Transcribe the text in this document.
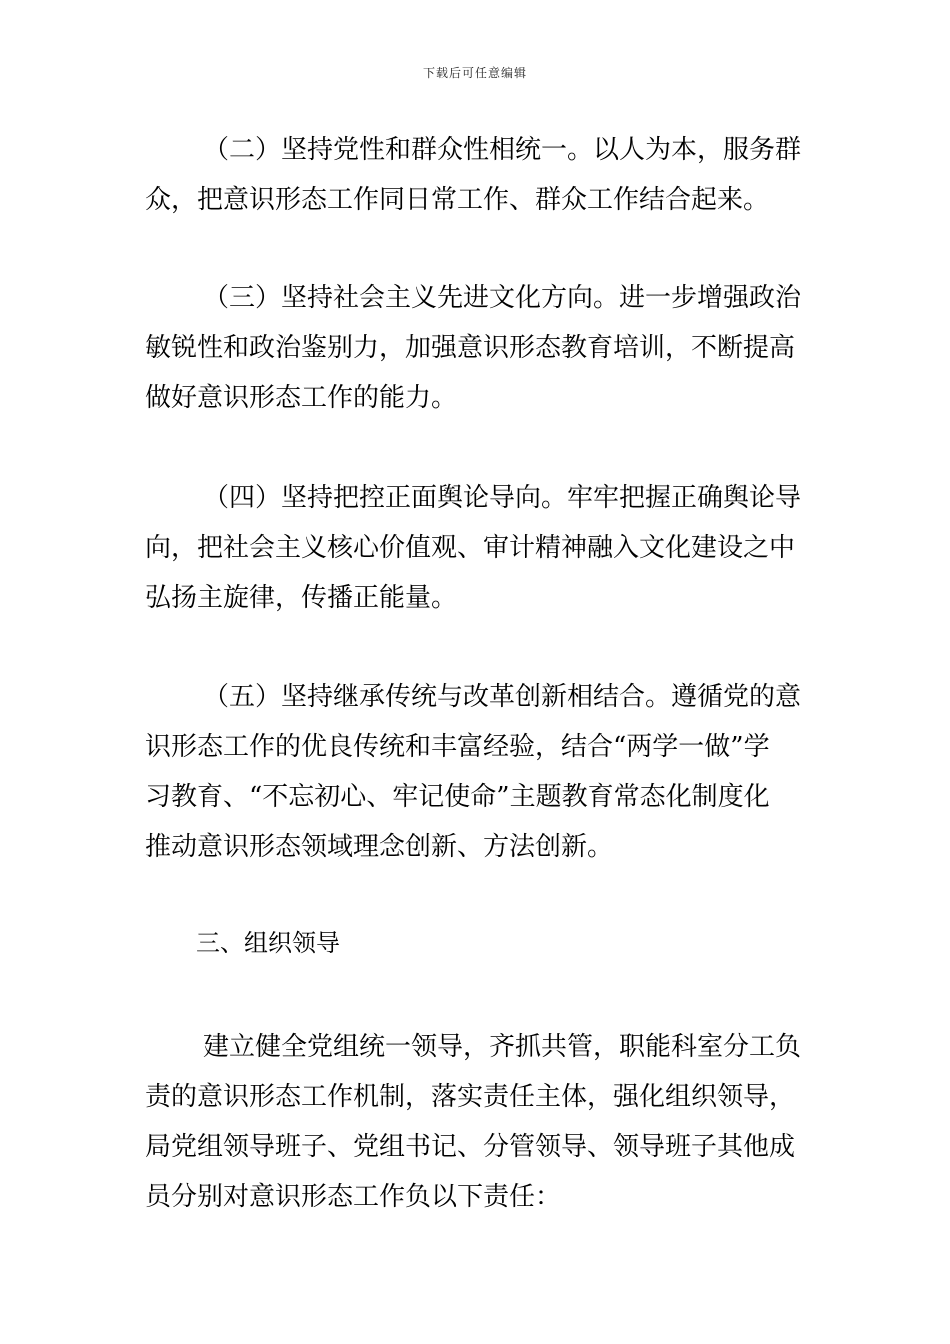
下载后可任意编辑
（二）坚持党性和群众性相统一。以人为本，服务群
众，把意识形态工作同日常工作、群众工作结合起来。
（三）坚持社会主义先进文化方向。进一步增强政治
敏锐性和政治鉴别力，加强意识形态教育培训，不断提高
做好意识形态工作的能力。
（四）坚持把控正面舆论导向。牢牢把握正确舆论导
向，把社会主义核心价值观、审计精神融入文化建设之中
弘扬主旋律，传播正能量。
（五）坚持继承传统与改革创新相结合。遵循党的意
识形态工作的优良传统和丰富经验，结合“两学一做”学
习教育、“不忘初心、牢记使命”主题教育常态化制度化
推动意识形态领域理念创新、方法创新。
三、组织领导
建立健全党组统一领导，齐抓共管，职能科室分工负
责的意识形态工作机制，落实责任主体，强化组织领导，
局党组领导班子、党组书记、分管领导、领导班子其他成
员分别对意识形态工作负以下责任：
